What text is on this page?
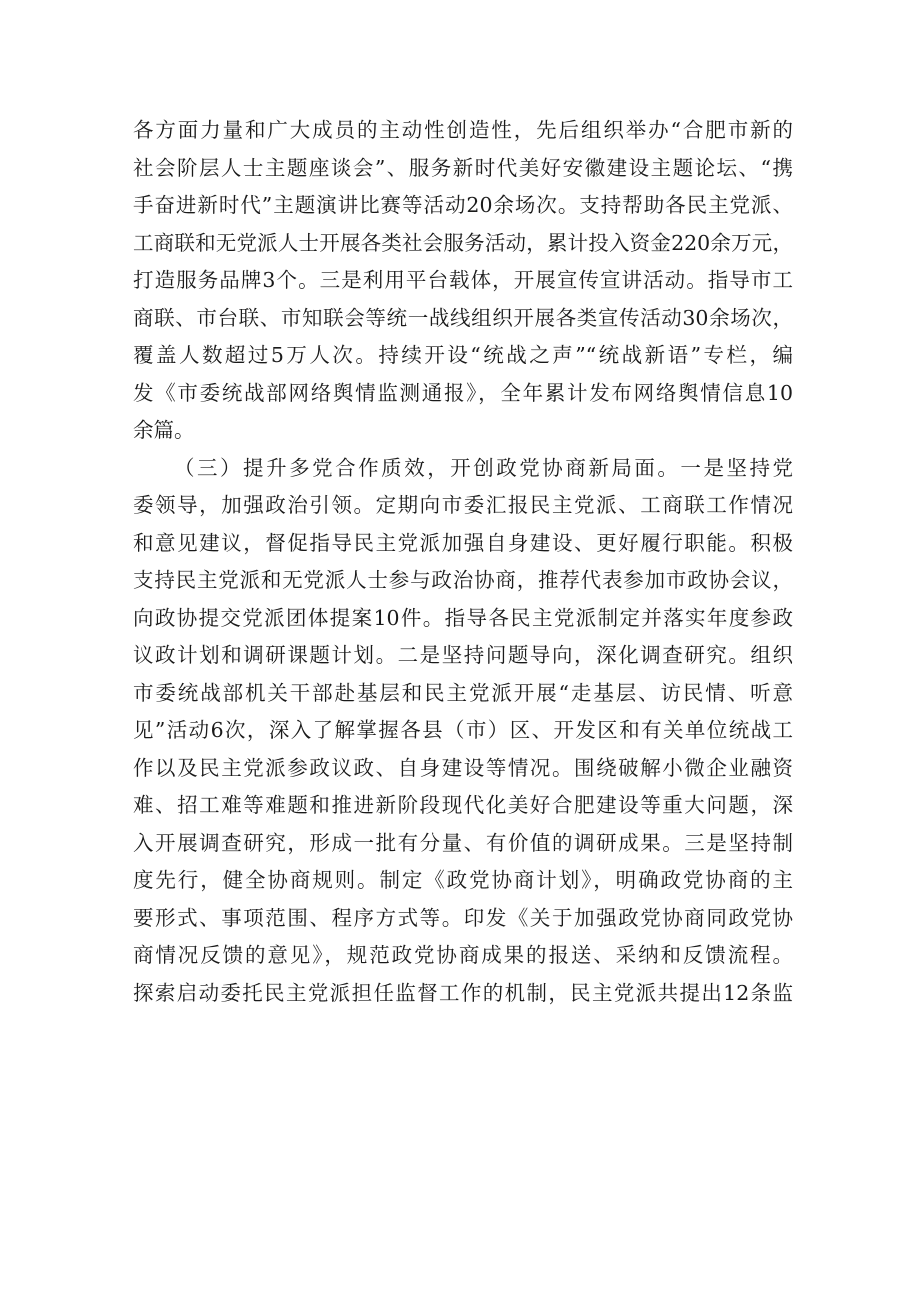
各方面力量和广大成员的主动性创造性，先后组织举办“合肥市新的
社会阶层人士主题座谈会”、服务新时代美好安徽建设主题论坛、“携
手奋进新时代”主题演讲比赛等活动20余场次。支持帮助各民主党派、
工商联和无党派人士开展各类社会服务活动，累计投入资金220余万元，
打造服务品牌3个。三是利用平台载体，开展宣传宣讲活动。指导市工
商联、市台联、市知联会等统一战线组织开展各类宣传活动30余场次，
覆盖人数超过5万人次。持续开设“统战之声”“统战新语”专栏，编
发《市委统战部网络舆情监测通报》，全年累计发布网络舆情信息10
余篇。
（三）提升多党合作质效，开创政党协商新局面。一是坚持党
委领导，加强政治引领。定期向市委汇报民主党派、工商联工作情况
和意见建议，督促指导民主党派加强自身建设、更好履行职能。积极
支持民主党派和无党派人士参与政治协商，推荐代表参加市政协会议，
向政协提交党派团体提案10件。指导各民主党派制定并落实年度参政
议政计划和调研课题计划。二是坚持问题导向，深化调查研究。组织
市委统战部机关干部赴基层和民主党派开展“走基层、访民情、听意
见”活动6次，深入了解掌握各县（市）区、开发区和有关单位统战工
作以及民主党派参政议政、自身建设等情况。围绕破解小微企业融资
难、招工难等难题和推进新阶段现代化美好合肥建设等重大问题，深
入开展调查研究，形成一批有分量、有价值的调研成果。三是坚持制
度先行，健全协商规则。制定《政党协商计划》，明确政党协商的主
要形式、事项范围、程序方式等。印发《关于加强政党协商同政党协
商情况反馈的意见》，规范政党协商成果的报送、采纳和反馈流程。
探索启动委托民主党派担任监督工作的机制，民主党派共提出12条监
